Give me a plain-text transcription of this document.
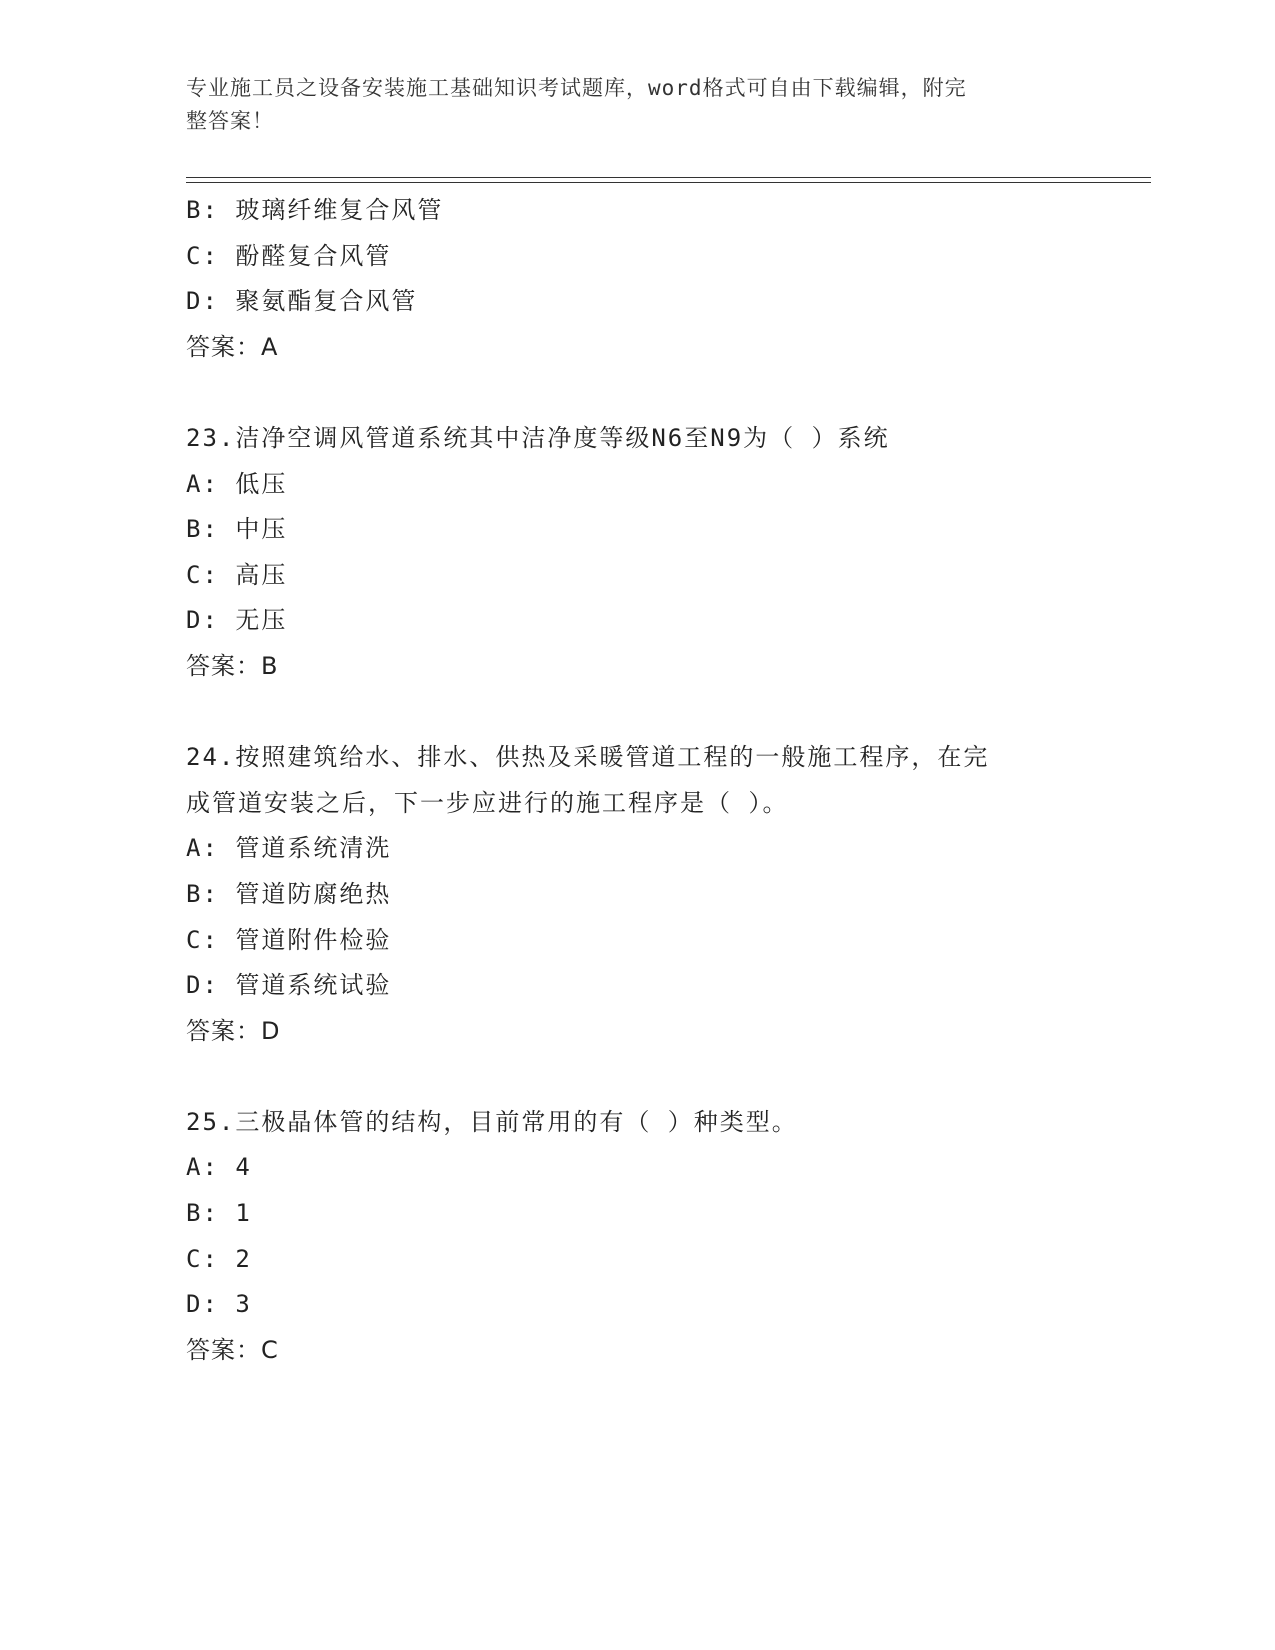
专业施工员之设备安装施工基础知识考试题库，word格式可自由下载编辑，附完
整答案！
B: 玻璃纤维复合风管
C: 酚醛复合风管
D: 聚氨酯复合风管
答案：A
23.洁净空调风管道系统其中洁净度等级N6至N9为（ ）系统
A: 低压
B: 中压
C: 高压
D: 无压
答案：B
24.按照建筑给水、排水、供热及采暖管道工程的一般施工程序，在完
成管道安装之后，下一步应进行的施工程序是（ ）。
A: 管道系统清洗
B: 管道防腐绝热
C: 管道附件检验
D: 管道系统试验
答案：D
25.三极晶体管的结构，目前常用的有（ ）种类型。
A: 4
B: 1
C: 2
D: 3
答案：C
